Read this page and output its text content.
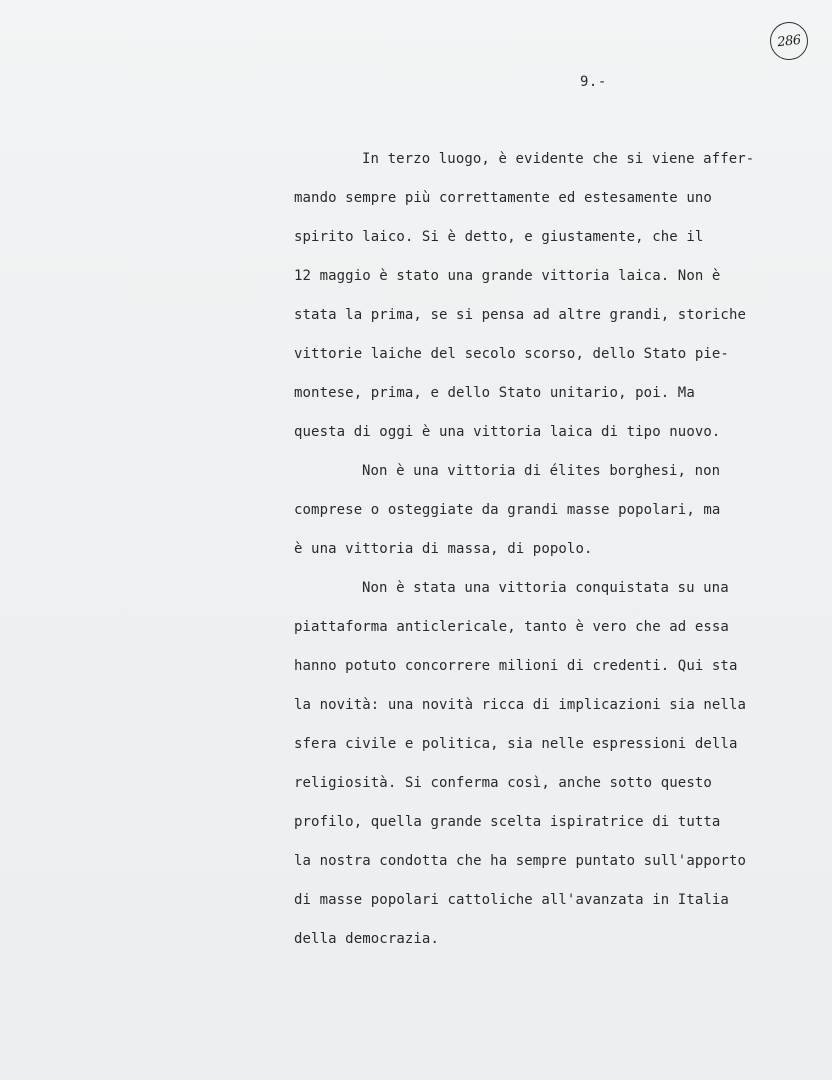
286
9.-
In terzo luogo, è evidente che si viene affer-
mando sempre più correttamente ed estesamente uno
spirito laico. Si è detto, e giustamente, che il
12 maggio è stato una grande vittoria laica. Non è
stata la prima, se si pensa ad altre grandi, storiche
vittorie laiche del secolo scorso, dello Stato pie-
montese, prima, e dello Stato unitario, poi. Ma
questa di oggi è una vittoria laica di tipo nuovo.
Non è una vittoria di élites borghesi, non
comprese o osteggiate da grandi masse popolari, ma
è una vittoria di massa, di popolo.
Non è stata una vittoria conquistata su una
piattaforma anticlericale, tanto è vero che ad essa
hanno potuto concorrere milioni di credenti. Qui sta
la novità: una novità ricca di implicazioni sia nella
sfera civile e politica, sia nelle espressioni della
religiosità. Si conferma così, anche sotto questo
profilo, quella grande scelta ispiratrice di tutta
la nostra condotta che ha sempre puntato sull'apporto
di masse popolari cattoliche all'avanzata in Italia
della democrazia.
